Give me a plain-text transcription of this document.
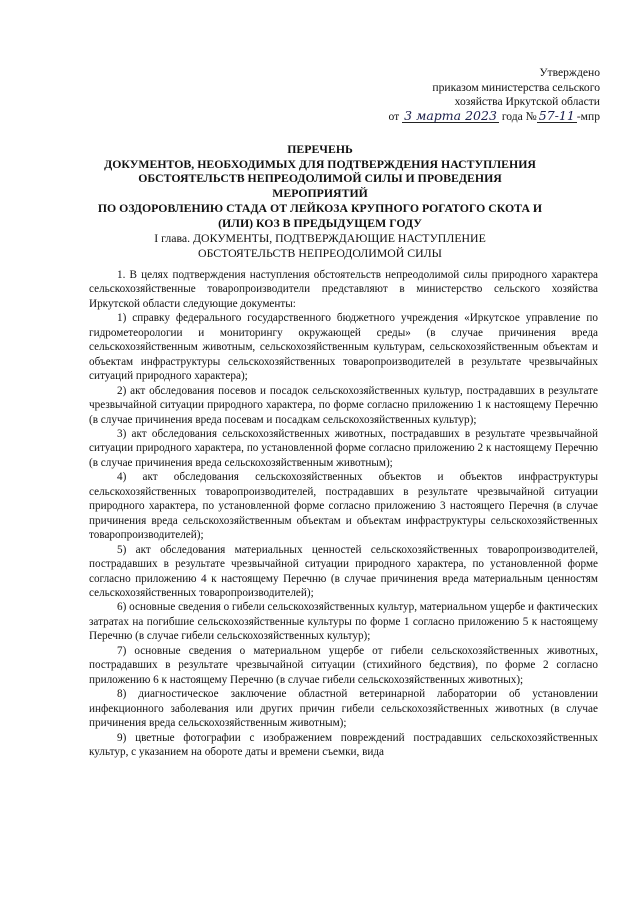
Утверждено
приказом министерства сельского
хозяйства Иркутской области
от 3 марта 2023 года № 57-11 -мпр
ПЕРЕЧЕНЬ
ДОКУМЕНТОВ, НЕОБХОДИМЫХ ДЛЯ ПОДТВЕРЖДЕНИЯ НАСТУПЛЕНИЯ
ОБСТОЯТЕЛЬСТВ НЕПРЕОДОЛИМОЙ СИЛЫ И ПРОВЕДЕНИЯ МЕРОПРИЯТИЙ
ПО ОЗДОРОВЛЕНИЮ СТАДА ОТ ЛЕЙКОЗА КРУПНОГО РОГАТОГО СКОТА И
(ИЛИ) КОЗ В ПРЕДЫДУЩЕМ ГОДУ
I глава. ДОКУМЕНТЫ, ПОДТВЕРЖДАЮЩИЕ НАСТУПЛЕНИЕ
ОБСТОЯТЕЛЬСТВ НЕПРЕОДОЛИМОЙ СИЛЫ

1. В целях подтверждения наступления обстоятельств непреодолимой силы природного характера сельскохозяйственные товаропроизводители представляют в министерство сельского хозяйства Иркутской области следующие документы:

1) справку федерального государственного бюджетного учреждения «Иркутское управление по гидрометеорологии и мониторингу окружающей среды» (в случае причинения вреда сельскохозяйственным животным, сельскохозяйственным культурам, сельскохозяйственным объектам и объектам инфраструктуры сельскохозяйственных товаропроизводителей в результате чрезвычайных ситуаций природного характера);

2) акт обследования посевов и посадок сельскохозяйственных культур, пострадавших в результате чрезвычайной ситуации природного характера, по форме согласно приложению 1 к настоящему Перечню (в случае причинения вреда посевам и посадкам сельскохозяйственных культур);

3) акт обследования сельскохозяйственных животных, пострадавших в результате чрезвычайной ситуации природного характера, по установленной форме согласно приложению 2 к настоящему Перечню (в случае причинения вреда сельскохозяйственным животным);

4) акт обследования сельскохозяйственных объектов и объектов инфраструктуры сельскохозяйственных товаропроизводителей, пострадавших в результате чрезвычайной ситуации природного характера, по установленной форме согласно приложению 3 настоящего Перечня (в случае причинения вреда сельскохозяйственным объектам и объектам инфраструктуры сельскохозяйственных товаропроизводителей);

5) акт обследования материальных ценностей сельскохозяйственных товаропроизводителей, пострадавших в результате чрезвычайной ситуации природного характера, по установленной форме согласно приложению 4 к настоящему Перечню (в случае причинения вреда материальным ценностям сельскохозяйственных товаропроизводителей);

6) основные сведения о гибели сельскохозяйственных культур, материальном ущербе и фактических затратах на погибшие сельскохозяйственные культуры по форме 1 согласно приложению 5 к настоящему Перечню (в случае гибели сельскохозяйственных культур);

7) основные сведения о материальном ущербе от гибели сельскохозяйственных животных, пострадавших в результате чрезвычайной ситуации (стихийного бедствия), по форме 2 согласно приложению 6 к настоящему Перечню (в случае гибели сельскохозяйственных животных);

8) диагностическое заключение областной ветеринарной лаборатории об установлении инфекционного заболевания или других причин гибели сельскохозяйственных животных (в случае причинения вреда сельскохозяйственным животным);

9) цветные фотографии с изображением повреждений пострадавших сельскохозяйственных культур, с указанием на обороте даты и времени съемки, вида
